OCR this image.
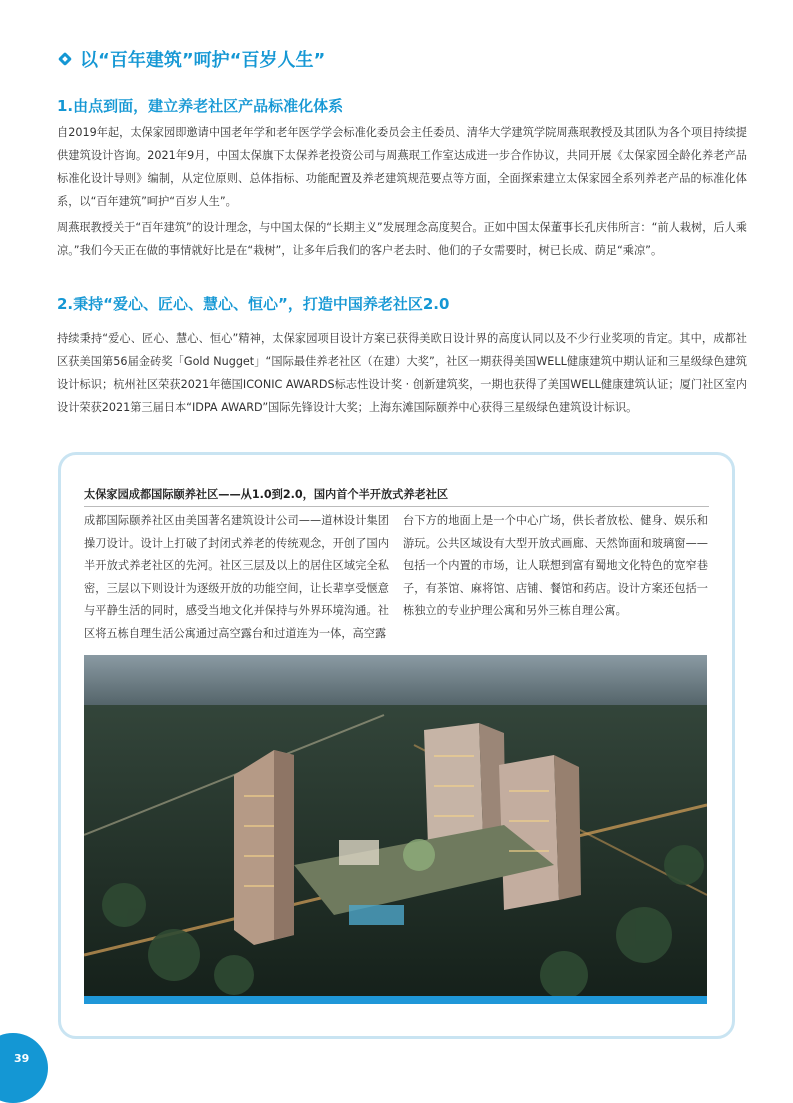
以“百年建筑”呵护“百岁人生”
1.由点到面，建立养老社区产品标准化体系

自2019年起，太保家园即邀请中国老年学和老年医学学会标准化委员会主任委员、清华大学建筑学院周燕珉教授及其团队为各个项目持续提供建筑设计咨询。2021年9月，中国太保旗下太保养老投资公司与周燕珉工作室达成进一步合作协议，共同开展《太保家园全龄化养老产品标准化设计导则》编制，从定位原则、总体指标、功能配置及养老建筑规范要点等方面，全面探索建立太保家园全系列养老产品的标准化体系，以“百年建筑”呵护“百岁人生”。

周燕珉教授关于“百年建筑”的设计理念，与中国太保的“长期主义”发展理念高度契合。正如中国太保董事长孔庆伟所言：“前人栽树，后人乘凉。”我们今天正在做的事情就好比是在“栽树”，让多年后我们的客户老去时、他们的子女需要时，树已长成、荫足“乘凉”。

2.秉持“爱心、匠心、慧心、恒心”，打造中国养老社区2.0

持续秉持“爱心、匠心、慧心、恒心”精神，太保家园项目设计方案已获得美欧日设计界的高度认同以及不少行业奖项的肯定。其中，成都社区获美国第56届金砖奖「Gold Nugget」“国际最佳养老社区（在建）大奖”，社区一期获得美国WELL健康建筑中期认证和三星级绿色建筑设计标识；杭州社区荣获2021年德国ICONIC AWARDS标志性设计奖 · 创新建筑奖，一期也获得了美国WELL健康建筑认证；厦门社区室内设计荣获2021第三届日本“IDPA AWARD”国际先锋设计大奖；上海东滩国际颐养中心获得三星级绿色建筑设计标识。

太保家园成都国际颐养社区——从1.0到2.0，国内首个半开放式养老社区

成都国际颐养社区由美国著名建筑设计公司——道林设计集团操刀设计。设计上打破了封闭式养老的传统观念，开创了国内半开放式养老社区的先河。社区三层及以上的居住区域完全私密，三层以下则设计为逐级开放的功能空间，让长辈享受惬意与平静生活的同时，感受当地文化并保持与外界环境沟通。社区将五栋自理生活公寓通过高空露台和过道连为一体，高空露

台下方的地面上是一个中心广场，供长者放松、健身、娱乐和游玩。公共区域设有大型开放式画廊、天然饰面和玻璃窗——包括一个内置的市场，让人联想到富有蜀地文化特色的宽窄巷子，有茶馆、麻将馆、店铺、餐馆和药店。设计方案还包括一栋独立的专业护理公寓和另外三栋自理公寓。

39
